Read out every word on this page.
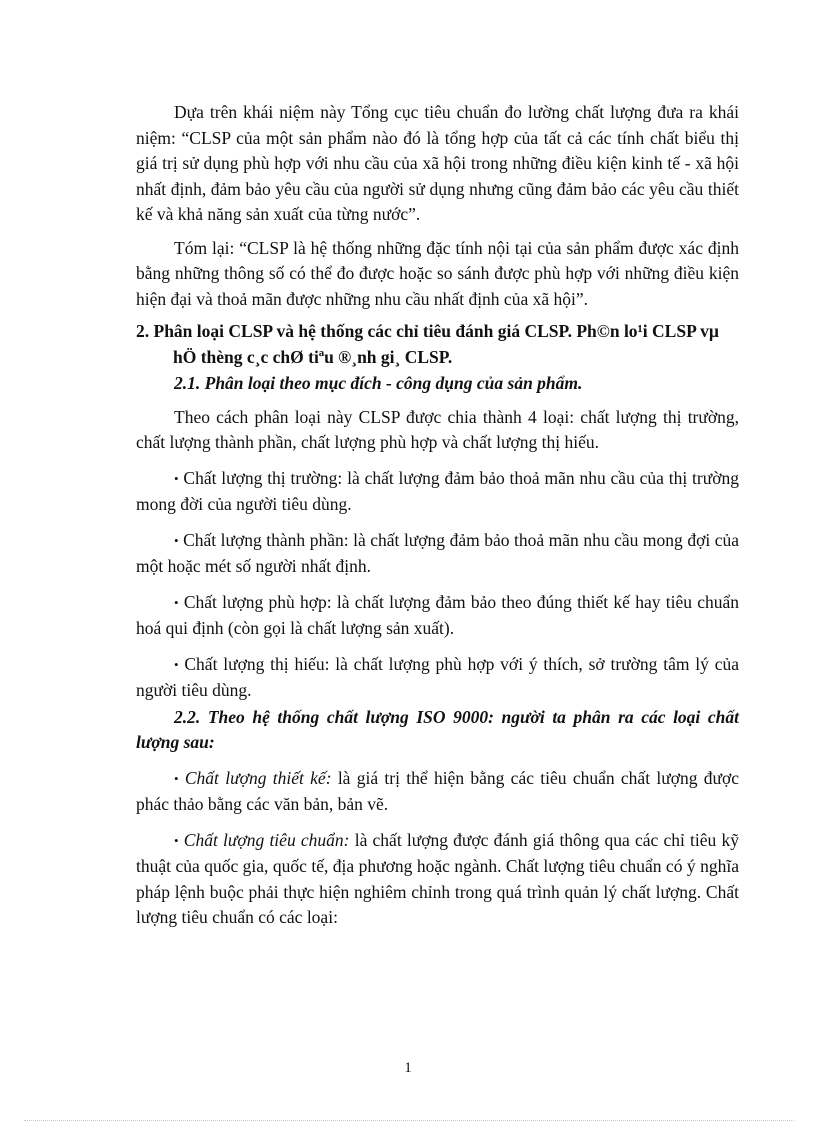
Dựa trên khái niệm này Tổng cục tiêu chuẩn đo lường chất lượng đưa ra khái niệm: “CLSP của một sản phẩm nào đó là tổng hợp của tất cả các tính chất biểu thị giá trị sử dụng phù hợp với nhu cầu của xã hội trong những điều kiện kinh tế - xã hội nhất định, đảm bảo yêu cầu của người sử dụng nhưng cũng đảm bảo các yêu cầu thiết kế và khả năng sản xuất của từng nước”.

Tóm lại: “CLSP là hệ thống những đặc tính nội tại của sản phẩm được xác định bằng những thông số có thể đo được hoặc so sánh được phù hợp với những điều kiện hiện đại và thoả mãn được những nhu cầu nhất định của xã hội”.

2. Phân loại CLSP và hệ thống các chỉ tiêu đánh giá CLSP. Ph©n lo¹i CLSP vµ hÖ thèng c¸c chØ tiªu ®¸nh gi¸ CLSP.

2.1. Phân loại theo mục đích - công dụng của sản phẩm.

Theo cách phân loại này CLSP được chia thành 4 loại: chất lượng thị trường, chất lượng thành phần, chất lượng phù hợp và chất lượng thị hiếu.

• Chất lượng thị trường: là chất lượng đảm bảo thoả mãn nhu cầu của thị trường mong đời của người tiêu dùng.

• Chất lượng thành phần: là chất lượng đảm bảo thoả mãn nhu cầu mong đợi của một hoặc mét số người nhất định.

• Chất lượng phù hợp: là chất lượng đảm bảo theo đúng thiết kế hay tiêu chuẩn hoá qui định (còn gọi là chất lượng sản xuất).

• Chất lượng thị hiếu: là chất lượng phù hợp với ý thích, sở trường tâm lý của người tiêu dùng.

2.2. Theo hệ thống chất lượng ISO 9000: người ta phân ra các loại chất lượng sau:

• Chất lượng thiết kế: là giá trị thể hiện bằng các tiêu chuẩn chất lượng được phác thảo bằng các văn bản, bản vẽ.

• Chất lượng tiêu chuẩn: là chất lượng được đánh giá thông qua các chỉ tiêu kỹ thuật của quốc gia, quốc tế, địa phương hoặc ngành. Chất lượng tiêu chuẩn có ý nghĩa pháp lệnh buộc phải thực hiện nghiêm chỉnh trong quá trình quản lý chất lượng. Chất lượng tiêu chuẩn có các loại:

1
